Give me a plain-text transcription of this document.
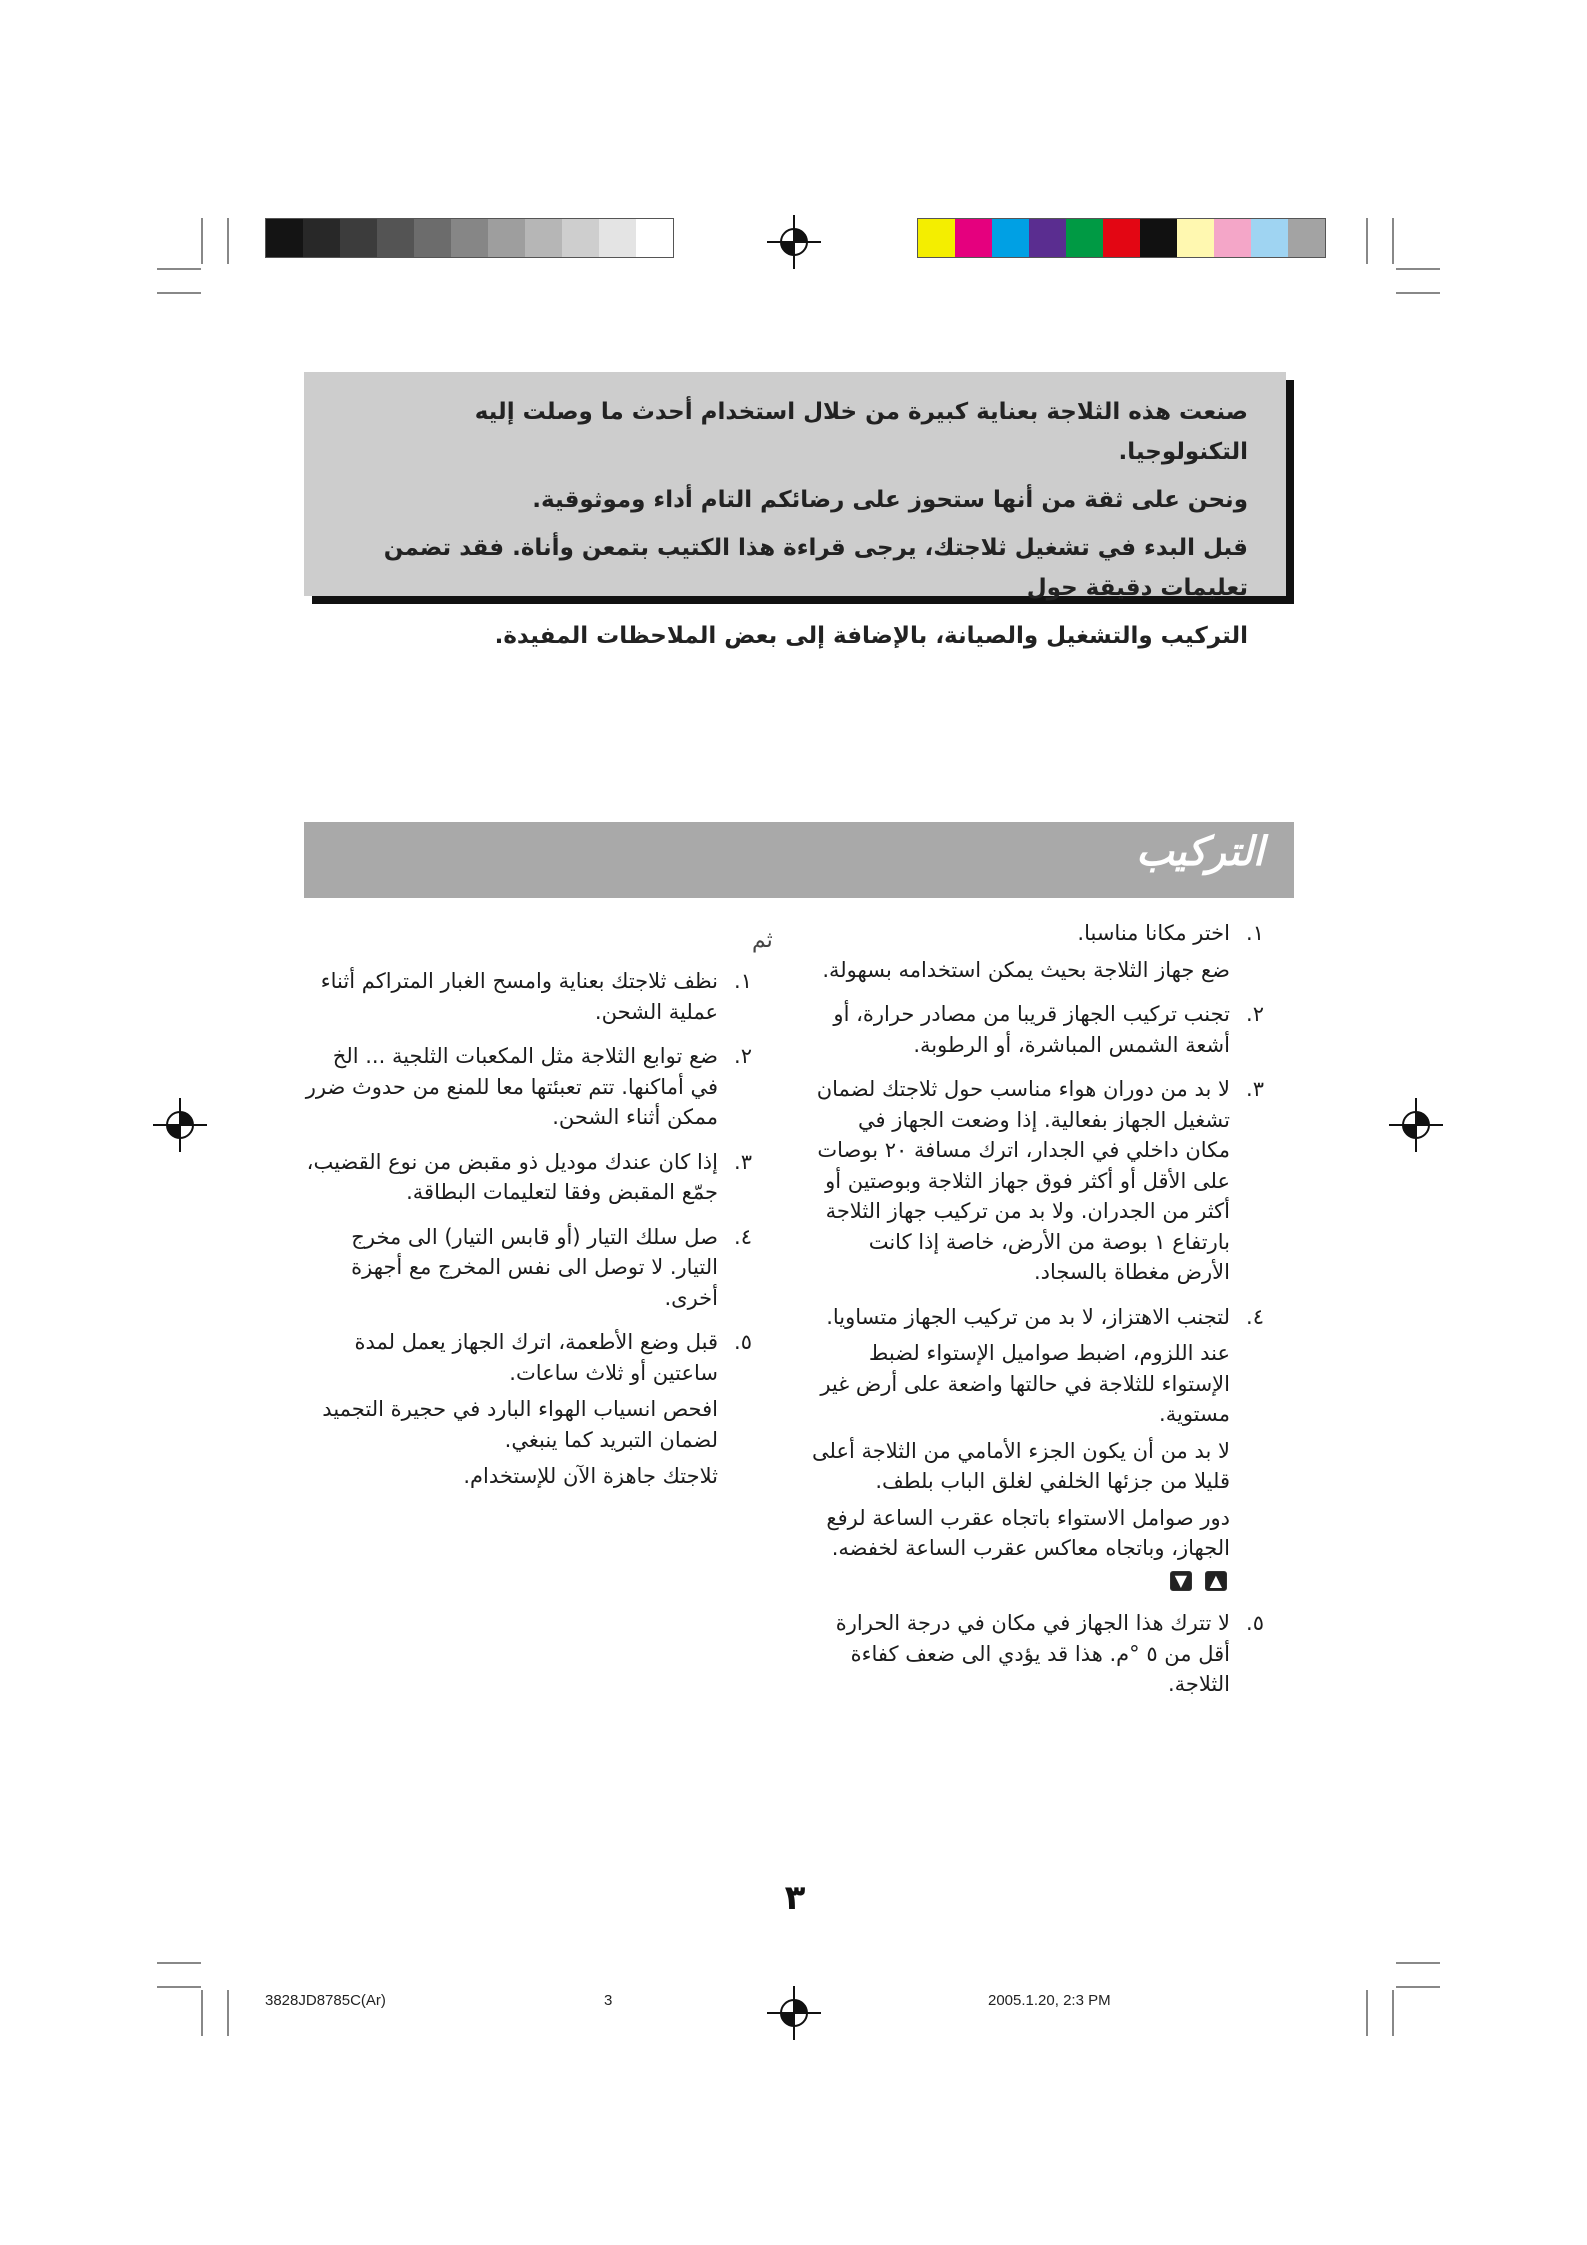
صنعت هذه الثلاجة بعناية كبيرة من خلال استخدام أحدث ما وصلت إليه التكنولوجيا.

ونحن على ثقة من أنها ستحوز على رضائكم التام أداء وموثوقية.

قبل البدء في تشغيل ثلاجتك، يرجى قراءة هذا الكتيب بتمعن وأناة. فقد تضمن تعليمات دقيقة حول

التركيب والتشغيل والصيانة، بالإضافة إلى بعض الملاحظات المفيدة.

التركيب
١.

اختر مكانا مناسبا.

ضع جهاز الثلاجة بحيث يمكن استخدامه بسهولة.

٢.

تجنب تركيب الجهاز قريبا من مصادر حرارة، أو أشعة الشمس المباشرة، أو الرطوبة.

٣.

لا بد من دوران هواء مناسب حول ثلاجتك لضمان تشغيل الجهاز بفعالية. إذا وضعت الجهاز في مكان داخلي في الجدار، اترك مسافة ٢٠ بوصات على الأقل أو أكثر فوق جهاز الثلاجة وبوصتين أو أكثر من الجدران. ولا بد من تركيب جهاز الثلاجة بارتفاع ١ بوصة من الأرض، خاصة إذا كانت الأرض مغطاة بالسجاد.

٤.

لتجنب الاهتزاز، لا بد من تركيب الجهاز متساويا.

عند اللزوم، اضبط صواميل الإستواء لضبط الإستواء للثلاجة في حالتها واضعة على أرض غير مستوية.

لا بد من أن يكون الجزء الأمامي من الثلاجة أعلى قليلا من جزئها الخلفي لغلق الباب بلطف.

دور صوامل الاستواء باتجاه عقرب الساعة لرفع الجهاز، وباتجاه معاكس عقرب الساعة لخفضه. ▲ ▼

٥.

لا تترك هذا الجهاز في مكان في درجة الحرارة أقل من ٥ °م. هذا قد يؤدي الى ضعف كفاءة الثلاجة.

ثم
١.

نظف ثلاجتك بعناية وامسح الغبار المتراكم أثناء عملية الشحن.

٢.

ضع توابع الثلاجة مثل المكعبات الثلجية ... الخ في أماكنها. تتم تعبئتها معا للمنع من حدوث ضرر ممكن أثناء الشحن.

٣.

إذا كان عندك موديل ذو مقبض من نوع القضيب، جمّع المقبض وفقا لتعليمات البطاقة.

٤.

صل سلك التيار (أو قابس التيار) الى مخرج التيار. لا توصل الى نفس المخرج مع أجهزة أخرى.

٥.

قبل وضع الأطعمة، اترك الجهاز يعمل لمدة ساعتين أو ثلاث ساعات.

افحص انسياب الهواء البارد في حجيرة التجميد لضمان التبريد كما ينبغي.

ثلاجتك جاهزة الآن للإستخدام.

٣
3828JD8785C(Ar)	3	2005.1.20, 2:3 PM
